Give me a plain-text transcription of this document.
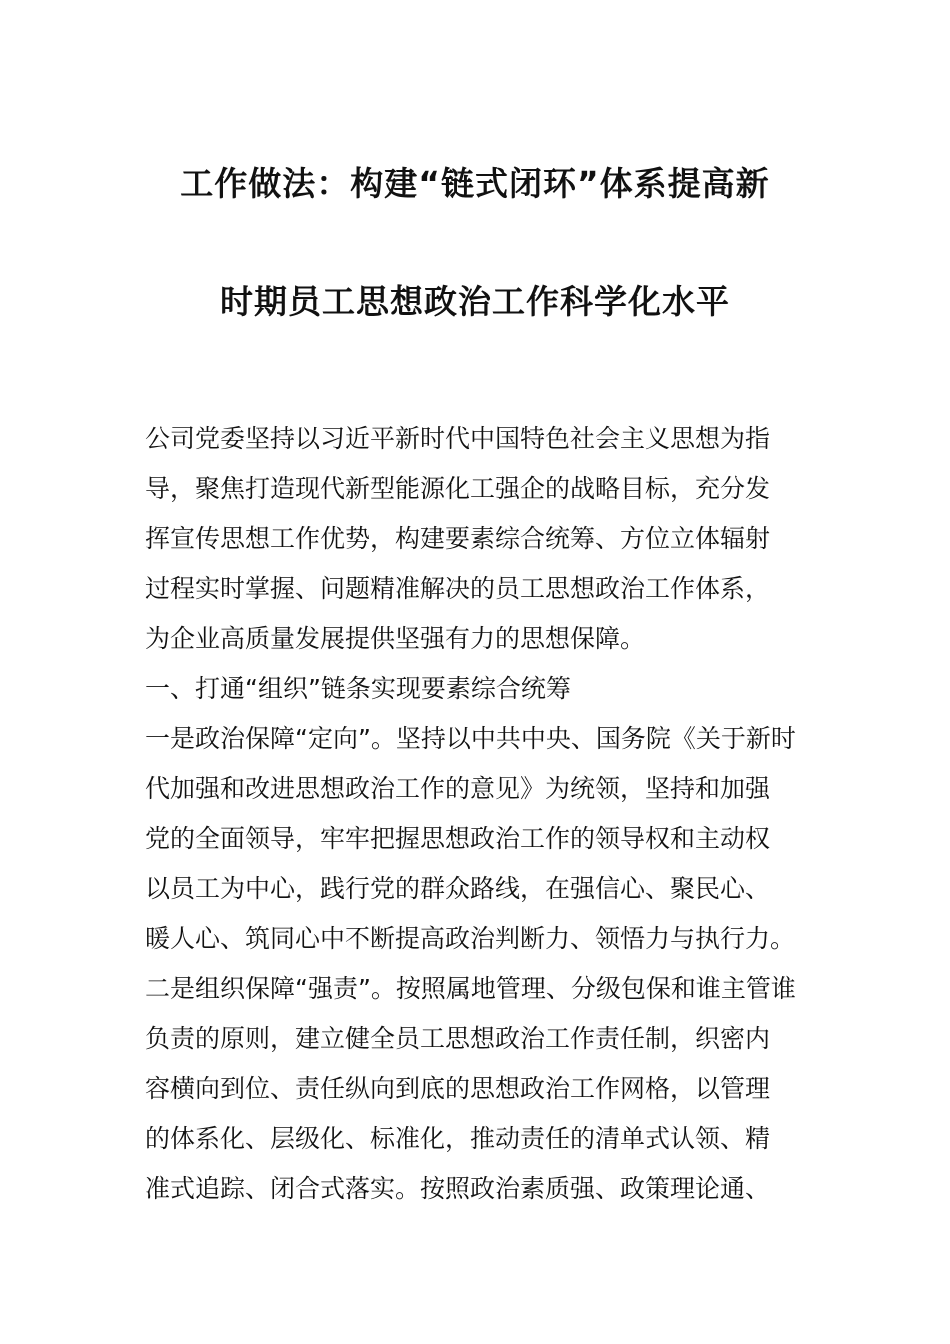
工作做法：构建“链式闭环”体系提高新
时期员工思想政治工作科学化水平
公司党委坚持以习近平新时代中国特色社会主义思想为指
导，聚焦打造现代新型能源化工强企的战略目标，充分发
挥宣传思想工作优势，构建要素综合统筹、方位立体辐射
过程实时掌握、问题精准解决的员工思想政治工作体系，
为企业高质量发展提供坚强有力的思想保障。
一、打通“组织”链条实现要素综合统筹
一是政治保障“定向”。坚持以中共中央、国务院《关于新时
代加强和改进思想政治工作的意见》为统领，坚持和加强
党的全面领导，牢牢把握思想政治工作的领导权和主动权
以员工为中心，践行党的群众路线，在强信心、聚民心、
暖人心、筑同心中不断提高政治判断力、领悟力与执行力。
二是组织保障“强责”。按照属地管理、分级包保和谁主管谁
负责的原则，建立健全员工思想政治工作责任制，织密内
容横向到位、责任纵向到底的思想政治工作网格，以管理
的体系化、层级化、标准化，推动责任的清单式认领、精
准式追踪、闭合式落实。按照政治素质强、政策理论通、
